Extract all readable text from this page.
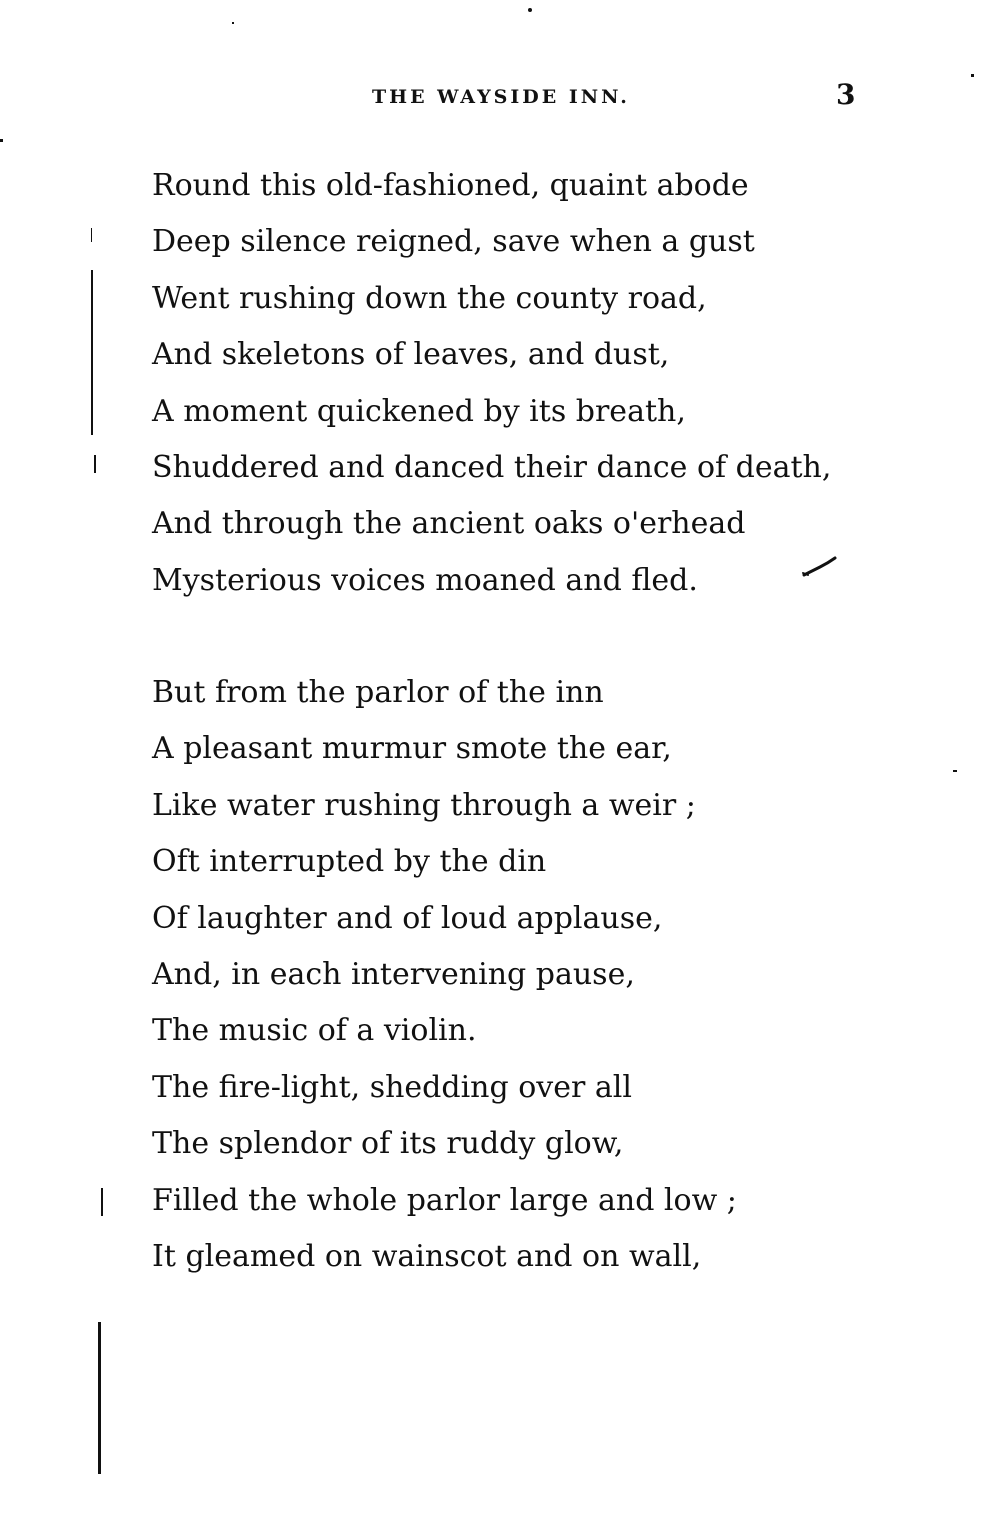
THE WAYSIDE INN.	3
Round this old-fashioned, quaint abode
Deep silence reigned, save when a gust
Went rushing down the county road,
And skeletons of leaves, and dust,
A moment quickened by its breath,
Shuddered and danced their dance of death,
And through the ancient oaks o'erhead
Mysterious voices moaned and fled.
But from the parlor of the inn
A pleasant murmur smote the ear,
Like water rushing through a weir ;
Oft interrupted by the din
Of laughter and of loud applause,
And, in each intervening pause,
The music of a violin.
The fire-light, shedding over all
The splendor of its ruddy glow,
Filled the whole parlor large and low ;
It gleamed on wainscot and on wall,
